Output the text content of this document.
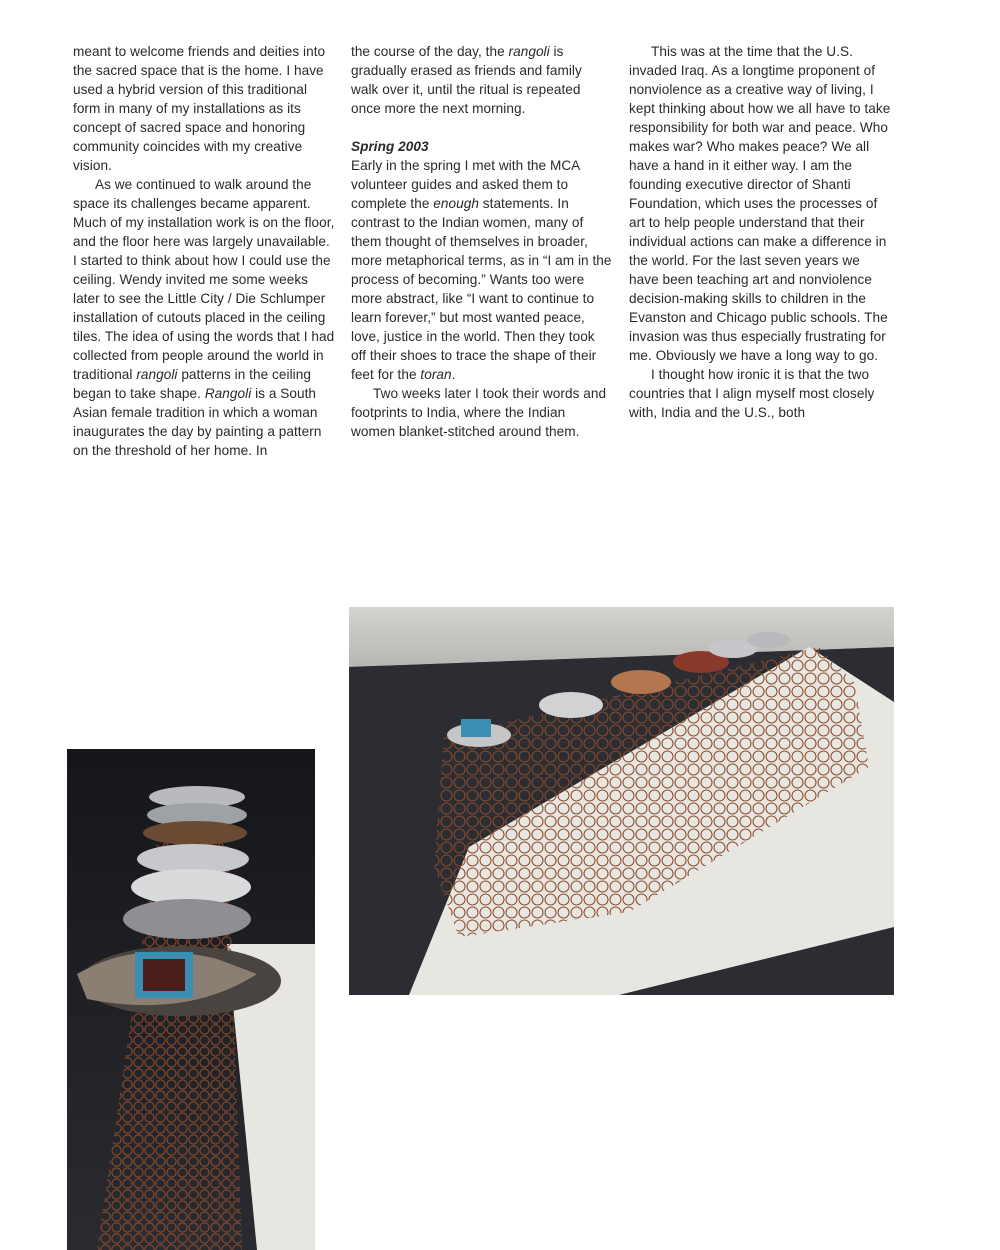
meant to welcome friends and deities into the sacred space that is the home. I have used a hybrid version of this traditional form in many of my installations as its concept of sacred space and honoring community coincides with my creative vision.

As we continued to walk around the space its challenges became apparent. Much of my installation work is on the floor, and the floor here was largely unavailable. I started to think about how I could use the ceiling. Wendy invited me some weeks later to see the Little City / Die Schlumper installation of cutouts placed in the ceiling tiles. The idea of using the words that I had collected from people around the world in traditional rangoli patterns in the ceiling began to take shape. Rangoli is a South Asian female tradition in which a woman inaugurates the day by painting a pattern on the threshold of her home. In

the course of the day, the rangoli is gradually erased as friends and family walk over it, until the ritual is repeated once more the next morning.

Spring 2003

Early in the spring I met with the MCA volunteer guides and asked them to complete the enough statements. In contrast to the Indian women, many of them thought of themselves in broader, more metaphorical terms, as in “I am in the process of becoming.” Wants too were more abstract, like “I want to continue to learn forever,” but most wanted peace, love, justice in the world. Then they took off their shoes to trace the shape of their feet for the toran.

Two weeks later I took their words and footprints to India, where the Indian women blanket-stitched around them.

This was at the time that the U.S. invaded Iraq. As a longtime proponent of nonviolence as a creative way of living, I kept thinking about how we all have to take responsibility for both war and peace. Who makes war? Who makes peace? We all have a hand in it either way. I am the founding executive director of Shanti Foundation, which uses the processes of art to help people understand that their individual actions can make a difference in the world. For the last seven years we have been teaching art and nonviolence decision-making skills to children in the Evanston and Chicago public schools. The invasion was thus especially frustrating for me. Obviously we have a long way to go.

I thought how ironic it is that the two countries that I align myself most closely with, India and the U.S., both
